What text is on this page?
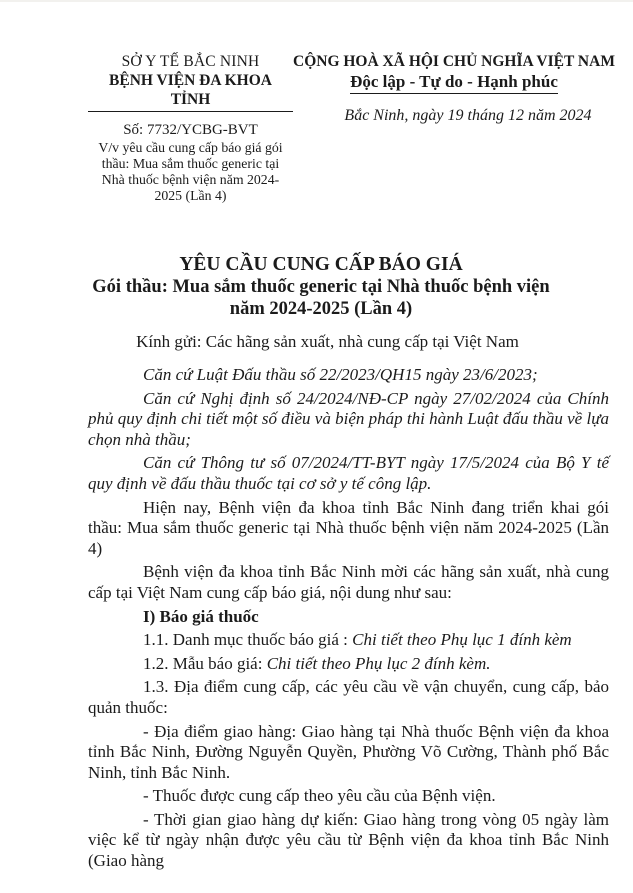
SỞ Y TẾ BẮC NINH
BỆNH VIỆN ĐA KHOA TỈNH
Số: 7732/YCBG-BVT
V/v yêu cầu cung cấp báo giá gói thầu: Mua sắm thuốc generic tại Nhà thuốc bệnh viện năm 2024-2025 (Lần 4)
CỘNG HOÀ XÃ HỘI CHỦ NGHĨA VIỆT NAM
Độc lập - Tự do - Hạnh phúc
Bắc Ninh, ngày 19 tháng 12 năm 2024
YÊU CẦU CUNG CẤP BÁO GIÁ
Gói thầu: Mua sắm thuốc generic tại Nhà thuốc bệnh viện
năm 2024-2025 (Lần 4)
Kính gửi: Các hãng sản xuất, nhà cung cấp tại Việt Nam

Căn cứ Luật Đấu thầu số 22/2023/QH15 ngày 23/6/2023;

Căn cứ Nghị định số 24/2024/NĐ-CP ngày 27/02/2024 của Chính phủ quy định chi tiết một số điều và biện pháp thi hành Luật đấu thầu về lựa chọn nhà thầu;

Căn cứ Thông tư số 07/2024/TT-BYT ngày 17/5/2024 của Bộ Y tế quy định về đấu thầu thuốc tại cơ sở y tế công lập.

Hiện nay, Bệnh viện đa khoa tỉnh Bắc Ninh đang triển khai gói thầu: Mua sắm thuốc generic tại Nhà thuốc bệnh viện năm 2024-2025 (Lần 4)

Bệnh viện đa khoa tỉnh Bắc Ninh mời các hãng sản xuất, nhà cung cấp tại Việt Nam cung cấp báo giá, nội dung như sau:

I) Báo giá thuốc

1.1. Danh mục thuốc báo giá : Chi tiết theo Phụ lục 1 đính kèm

1.2. Mẫu báo giá: Chi tiết theo Phụ lục 2 đính kèm.

1.3. Địa điểm cung cấp, các yêu cầu về vận chuyển, cung cấp, bảo quản thuốc:

- Địa điểm giao hàng: Giao hàng tại Nhà thuốc Bệnh viện đa khoa tỉnh Bắc Ninh, Đường Nguyễn Quyền, Phường Võ Cường, Thành phố Bắc Ninh, tỉnh Bắc Ninh.

- Thuốc được cung cấp theo yêu cầu của Bệnh viện.

- Thời gian giao hàng dự kiến: Giao hàng trong vòng 05 ngày làm việc kể từ ngày nhận được yêu cầu từ Bệnh viện đa khoa tỉnh Bắc Ninh (Giao hàng
